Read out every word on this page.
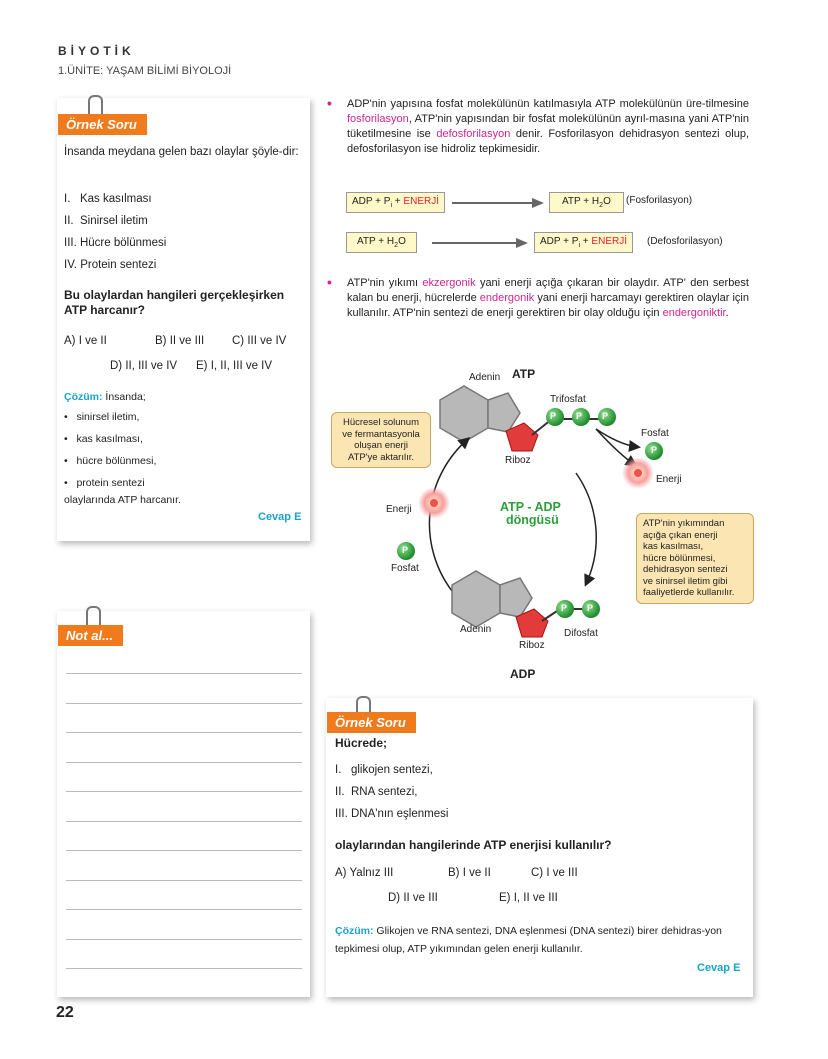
BİYOTİK
1.ÜNİTE: YAŞAM BİLİMİ BİYOLOJİ
Örnek Soru
İnsanda meydana gelen bazı olaylar şöyle-dir:
I.   Kas kasılması
II.  Sinirsel iletim
III. Hücre bölünmesi
IV. Protein sentezi
Bu olaylardan hangileri gerçekleşirken ATP harcanır?
A) I ve II	B) II ve III C) III ve IV
D) II, III ve IV E) I, II, III ve IV
Çözüm: İnsanda;
•   sinirsel iletim,
•   kas kasılması,
•   hücre bölünmesi,
•   protein sentezi
olaylarında ATP harcanır.
Cevap E
Not al...
• ADP'nin yapısına fosfat molekülünün katılmasıyla ATP molekülünün üre-tilmesine fosforilasyon, ATP'nin yapısından bir fosfat molekülünün ayrıl-masına yani ATP'nin tüketilmesine ise defosforilasyon denir. Fosforilasyon dehidrasyon sentezi olup, defosforilasyon ise hidroliz tepkimesidir.
ADP + $P_i$ + ENERJİ	ATP + $H_2O$	(Fosforilasyon)
ATP + $H_2O$	ADP + $P_i$ + ENERJİ	(Defosforilasyon)
• ATP'nin yıkımı ekzergonik yani enerji açığa çıkaran bir olaydır. ATP' den serbest kalan bu enerji, hücrelerde endergonik yani enerji harcamayı gerektiren olaylar için kullanılır. ATP'nin sentezi de enerji gerektiren bir olay olduğu için endergoniktir.
Adenin ATP
Trifosfat
Riboz
Fosfat
Enerji
Enerji
Fosfat
P P P
P
P
P P
ATP - ADP
döngüsü
Adenin
Riboz
Difosfat
ADP
Hücresel solunum
ve fermantasyonla
oluşan enerji
ATP'ye aktarılır.
ATP'nin yıkımından
açığa çıkan enerji
kas kasılması,
hücre bölünmesi,
dehidrasyon sentezi
ve sinirsel iletim gibi
faaliyetlerde kullanılır.
Örnek Soru
Hücrede;
I.   glikojen sentezi,
II.  RNA sentezi,
III. DNA'nın eşlenmesi
olaylarından hangilerinde ATP enerjisi kullanılır?
A) Yalnız III	B) I ve II	C) I ve III
D) II ve III	E) I, II ve III
Çözüm: Glikojen ve RNA sentezi, DNA eşlenmesi (DNA sentezi) birer dehidras-yon tepkimesi olup, ATP yıkımından gelen enerji kullanılır.
Cevap E
22
